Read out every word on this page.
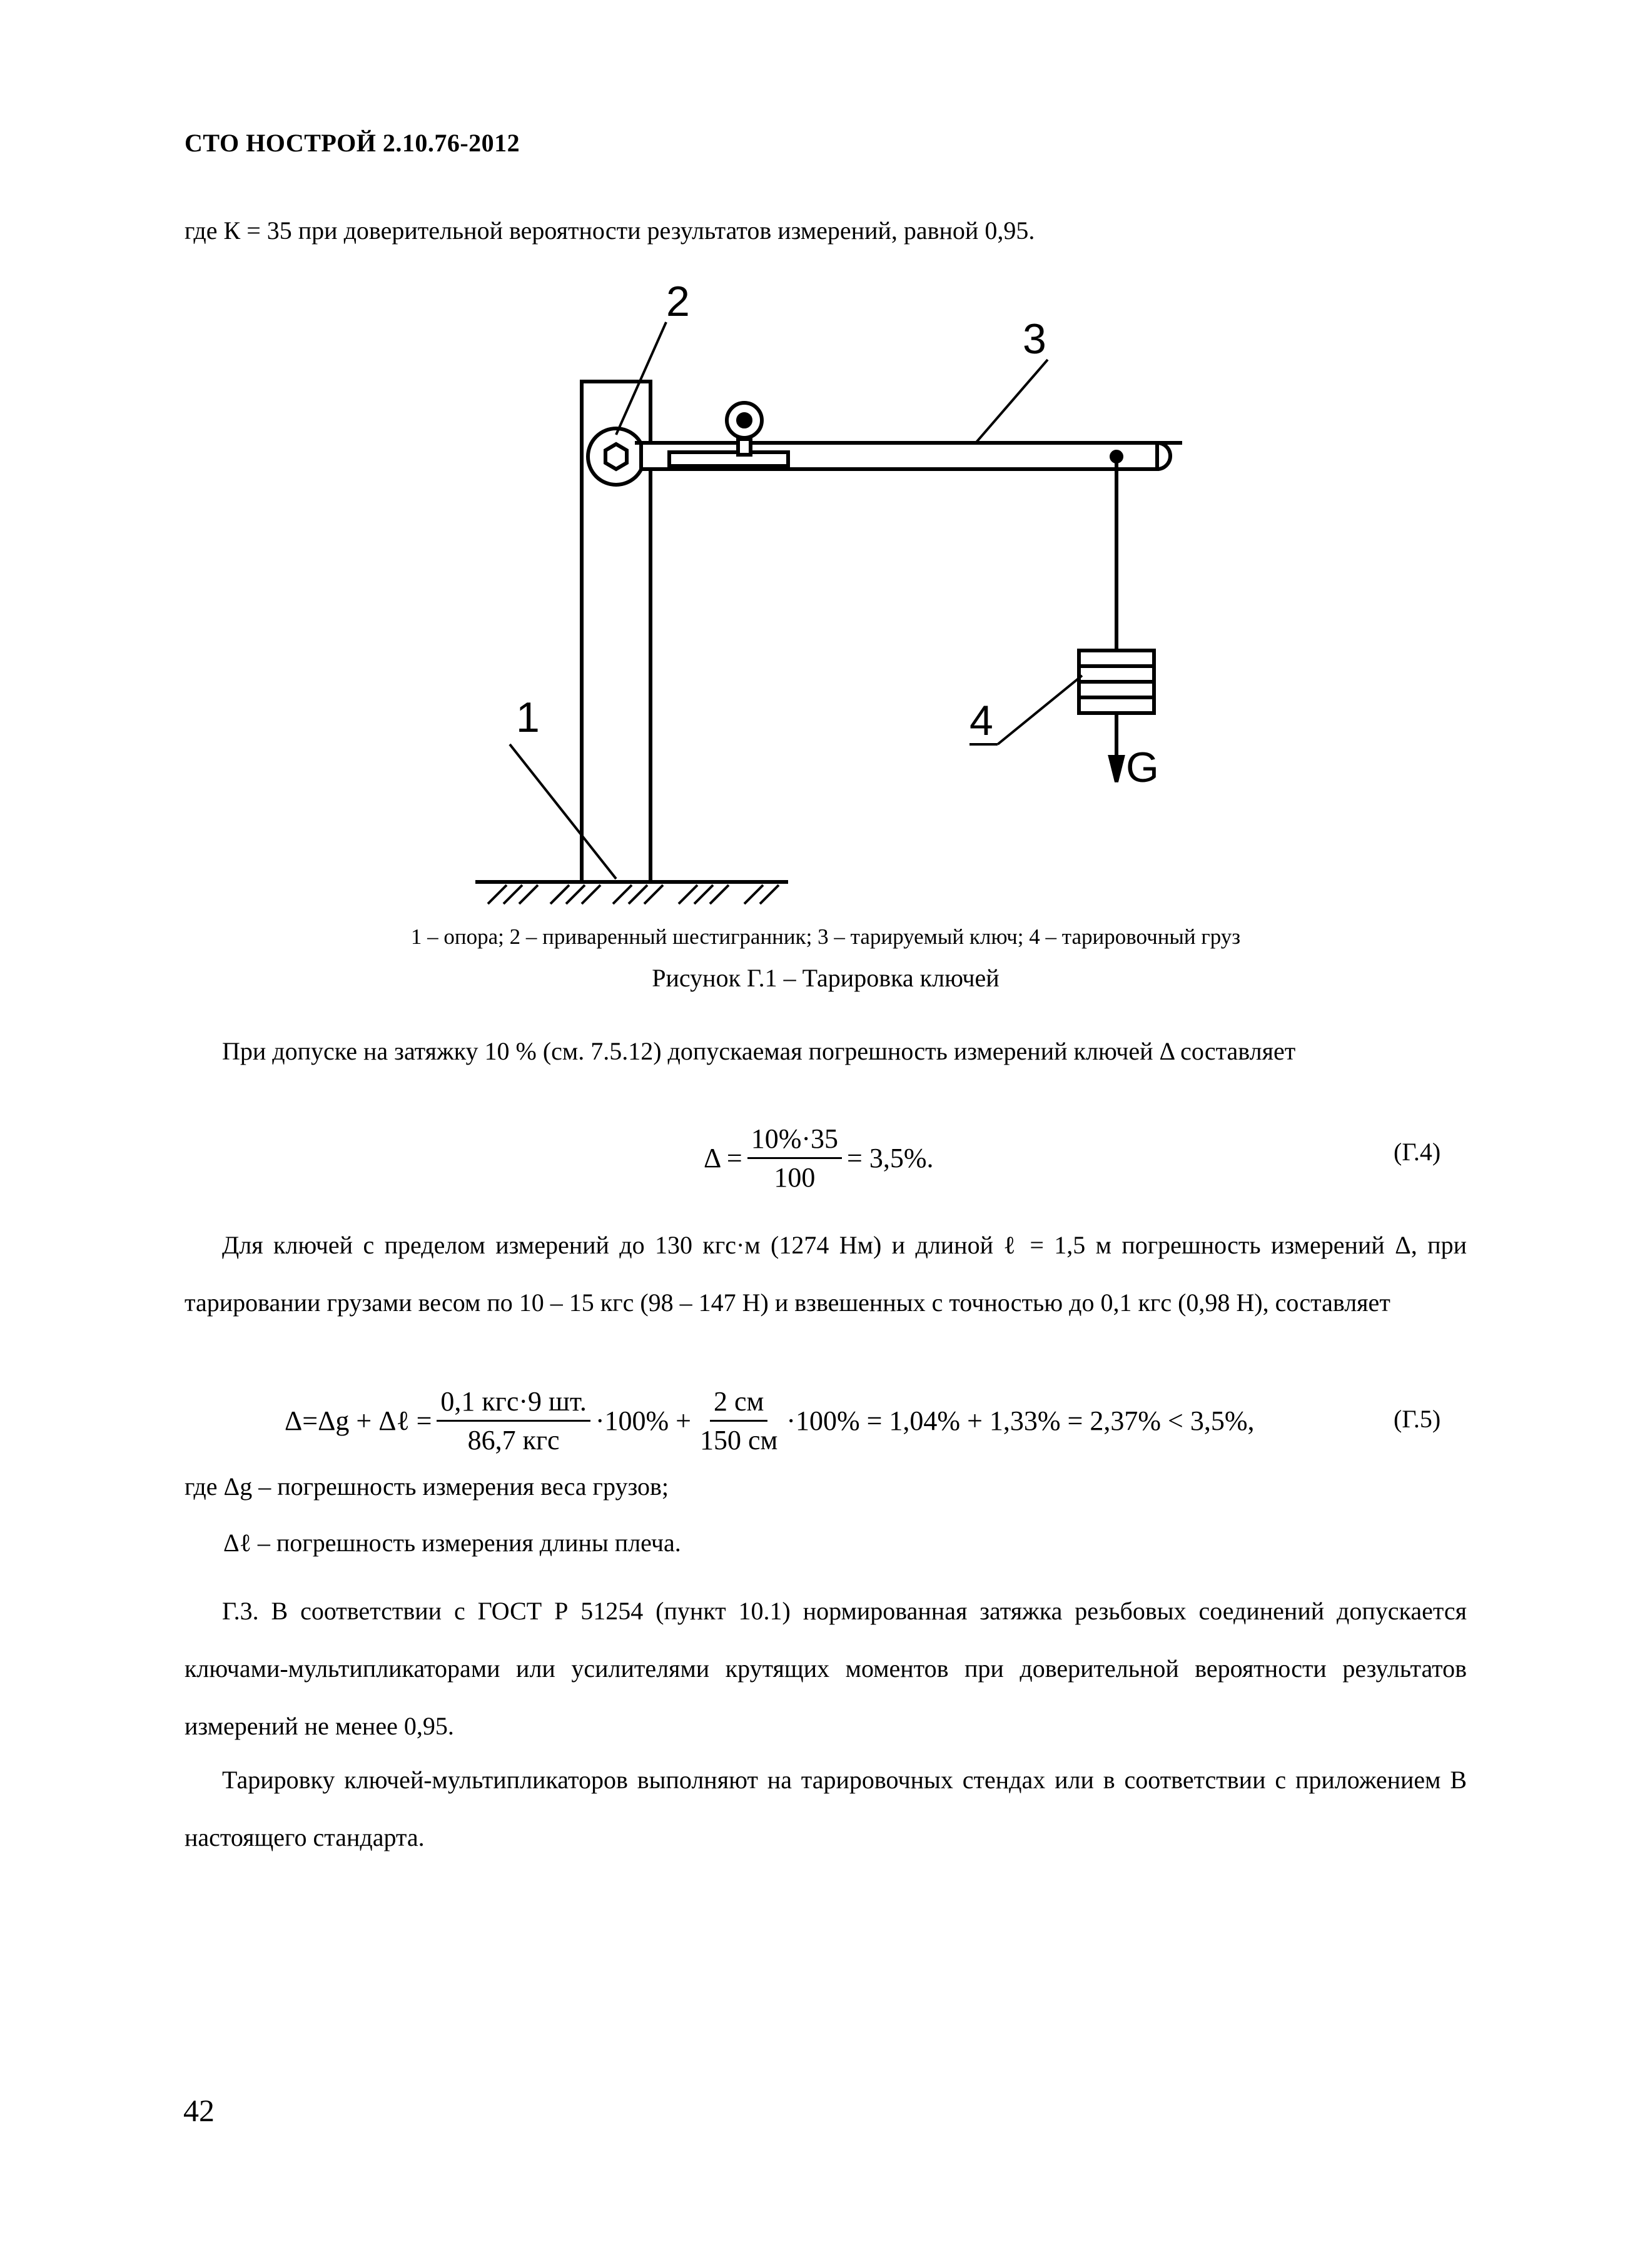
СТО НОСТРОЙ 2.10.76-2012
где К = 35 при доверительной вероятности результатов измерений, равной 0,95.
2
3
1	4
G
1 – опора; 2 – приваренный шестигранник; 3 – тарируемый ключ; 4 – тарировочный груз
Рисунок Г.1 – Тарировка ключей
При допуске на затяжку 10 % (см. 7.5.12) допускаемая погрешность измерений ключей Δ составляет
$\Delta = \frac{10\%\cdot 35}{100} = 3,5\%$.	(Г.4)
Для ключей с пределом измерений до 130 кгс·м (1274 Нм) и длиной ℓ = 1,5 м погрешность измерений Δ, при тарировании грузами весом по 10 – 15 кгс (98 – 147 Н) и взвешенных с точностью до 0,1 кгс (0,98 Н), составляет
Δ=Δg + Δℓ = $\frac{\text{0,1 кгс·9 шт.}}{\text{86,7 кгс}} \cdot 100\% + \frac{2 см}{150 см} \cdot 100\% = 1,04\% + 1,33\% = 2,37\% < 3,5\%$,	(Г.5)
где Δg – погрешность измерения веса грузов;
Δℓ – погрешность измерения длины плеча.
Г.3. В соответствии с ГОСТ Р 51254 (пункт 10.1) нормированная затяжка резьбовых соединений допускается ключами-мультипликаторами или усилителями крутящих моментов при доверительной вероятности результатов измерений не менее 0,95.
Тарировку ключей-мультипликаторов выполняют на тарировочных стендах или в соответствии с приложением В настоящего стандарта.
42
